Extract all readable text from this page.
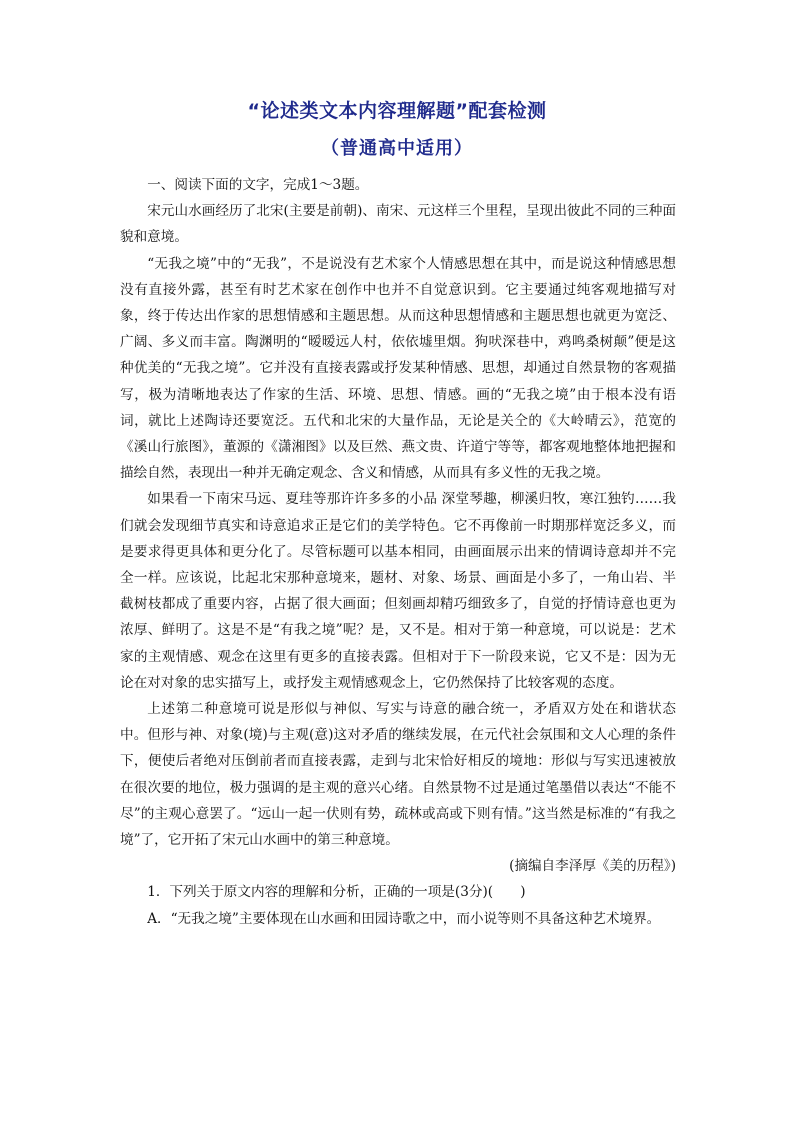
“论述类文本内容理解题”配套检测
（普通高中适用）

一、阅读下面的文字，完成1～3题。

宋元山水画经历了北宋(主要是前朝)、南宋、元这样三个里程，呈现出彼此不同的三种面貌和意境。

“无我之境”中的“无我”，不是说没有艺术家个人情感思想在其中，而是说这种情感思想没有直接外露，甚至有时艺术家在创作中也并不自觉意识到。它主要通过纯客观地描写对象，终于传达出作家的思想情感和主题思想。从而这种思想情感和主题思想也就更为宽泛、广阔、多义而丰富。陶渊明的“暧暧远人村，依依墟里烟。狗吠深巷中，鸡鸣桑树颠”便是这种优美的“无我之境”。它并没有直接表露或抒发某种情感、思想，却通过自然景物的客观描写，极为清晰地表达了作家的生活、环境、思想、情感。画的“无我之境”由于根本没有语词，就比上述陶诗还要宽泛。五代和北宋的大量作品，无论是关仝的《大岭晴云》，范宽的《溪山行旅图》，董源的《潇湘图》以及巨然、燕文贵、许道宁等等，都客观地整体地把握和描绘自然，表现出一种并无确定观念、含义和情感，从而具有多义性的无我之境。

如果看一下南宋马远、夏珪等那许许多多的小品 深堂琴趣，柳溪归牧，寒江独钓……我们就会发现细节真实和诗意追求正是它们的美学特色。它不再像前一时期那样宽泛多义，而是要求得更具体和更分化了。尽管标题可以基本相同，由画面展示出来的情调诗意却并不完全一样。应该说，比起北宋那种意境来，题材、对象、场景、画面是小多了，一角山岩、半截树枝都成了重要内容，占据了很大画面；但刻画却精巧细致多了，自觉的抒情诗意也更为浓厚、鲜明了。这是不是“有我之境”呢？是，又不是。相对于第一种意境，可以说是：艺术家的主观情感、观念在这里有更多的直接表露。但相对于下一阶段来说，它又不是：因为无论在对对象的忠实描写上，或抒发主观情感观念上，它仍然保持了比较客观的态度。

上述第二种意境可说是形似与神似、写实与诗意的融合统一，矛盾双方处在和谐状态中。但形与神、对象(境)与主观(意)这对矛盾的继续发展，在元代社会氛围和文人心理的条件下，便使后者绝对压倒前者而直接表露，走到与北宋恰好相反的境地：形似与写实迅速被放在很次要的地位，极力强调的是主观的意兴心绪。自然景物不过是通过笔墨借以表达“不能不尽”的主观心意罢了。“远山一起一伏则有势，疏林或高或下则有情。”这当然是标准的“有我之境”了，它开拓了宋元山水画中的第三种意境。

(摘编自李泽厚《美的历程》)

1．下列关于原文内容的理解和分析，正确的一项是(3分)(　　)

A．“无我之境”主要体现在山水画和田园诗歌之中，而小说等则不具备这种艺术境界。
